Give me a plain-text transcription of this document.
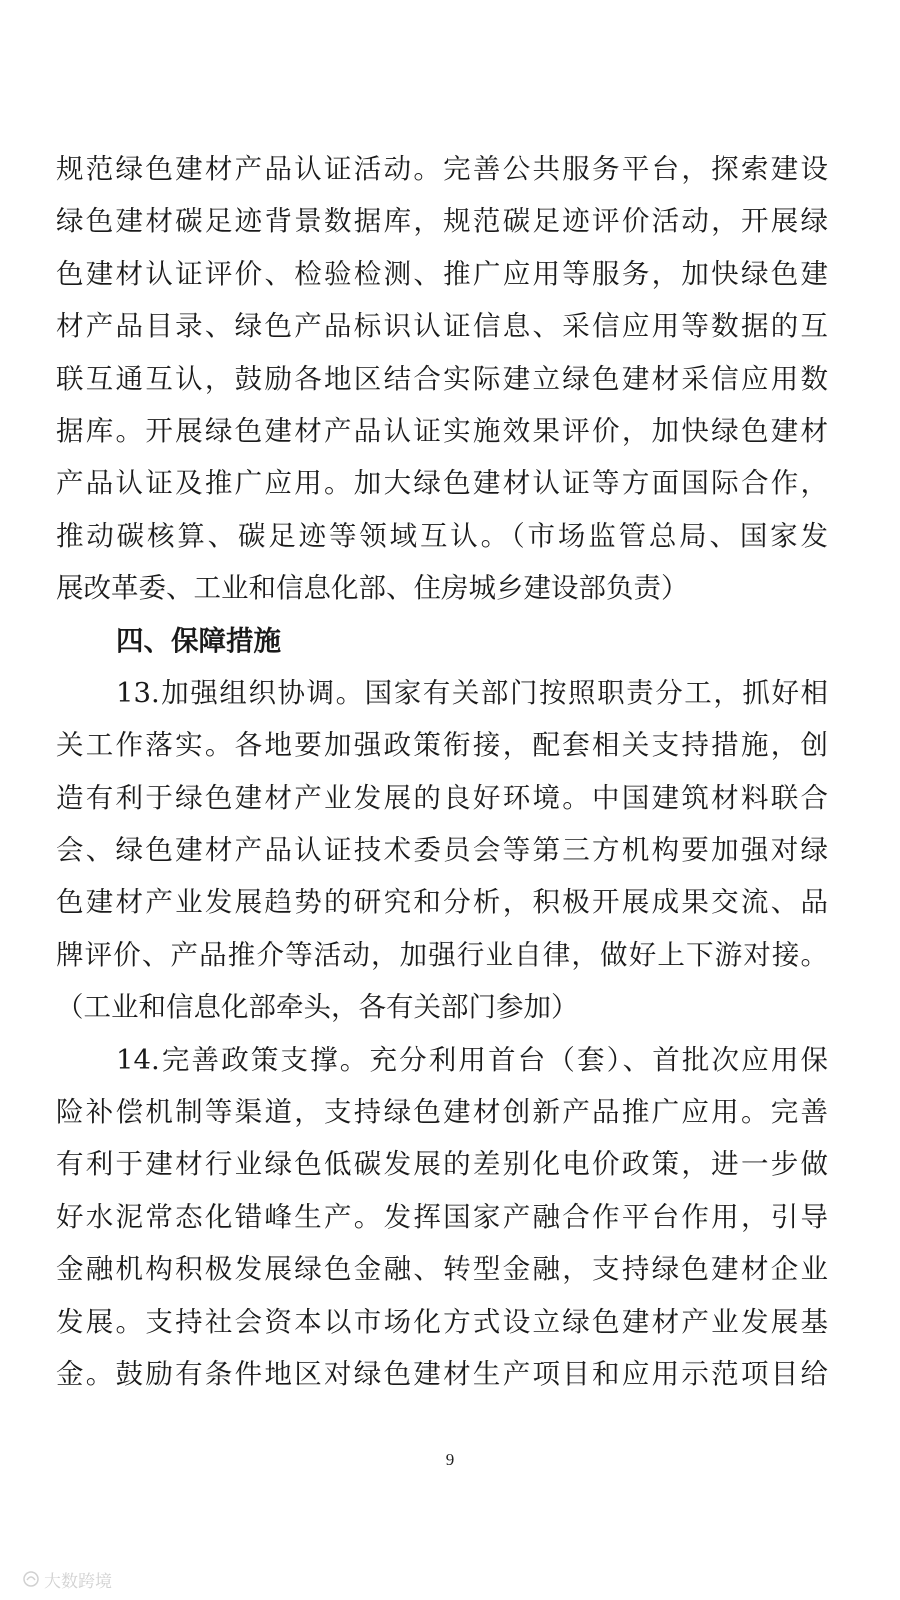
规范绿色建材产品认证活动。完善公共服务平台，探索建设
绿色建材碳足迹背景数据库，规范碳足迹评价活动，开展绿
色建材认证评价、检验检测、推广应用等服务，加快绿色建
材产品目录、绿色产品标识认证信息、采信应用等数据的互
联互通互认，鼓励各地区结合实际建立绿色建材采信应用数
据库。开展绿色建材产品认证实施效果评价，加快绿色建材
产品认证及推广应用。加大绿色建材认证等方面国际合作，
推动碳核算、碳足迹等领域互认。（市场监管总局、国家发
展改革委、工业和信息化部、住房城乡建设部负责）
四、保障措施
13.加强组织协调。国家有关部门按照职责分工，抓好相
关工作落实。各地要加强政策衔接，配套相关支持措施，创
造有利于绿色建材产业发展的良好环境。中国建筑材料联合
会、绿色建材产品认证技术委员会等第三方机构要加强对绿
色建材产业发展趋势的研究和分析，积极开展成果交流、品
牌评价、产品推介等活动，加强行业自律，做好上下游对接。
（工业和信息化部牵头，各有关部门参加）
14.完善政策支撑。充分利用首台（套）、首批次应用保
险补偿机制等渠道，支持绿色建材创新产品推广应用。完善
有利于建材行业绿色低碳发展的差别化电价政策，进一步做
好水泥常态化错峰生产。发挥国家产融合作平台作用，引导
金融机构积极发展绿色金融、转型金融，支持绿色建材企业
发展。支持社会资本以市场化方式设立绿色建材产业发展基
金。鼓励有条件地区对绿色建材生产项目和应用示范项目给
9
大数跨境
